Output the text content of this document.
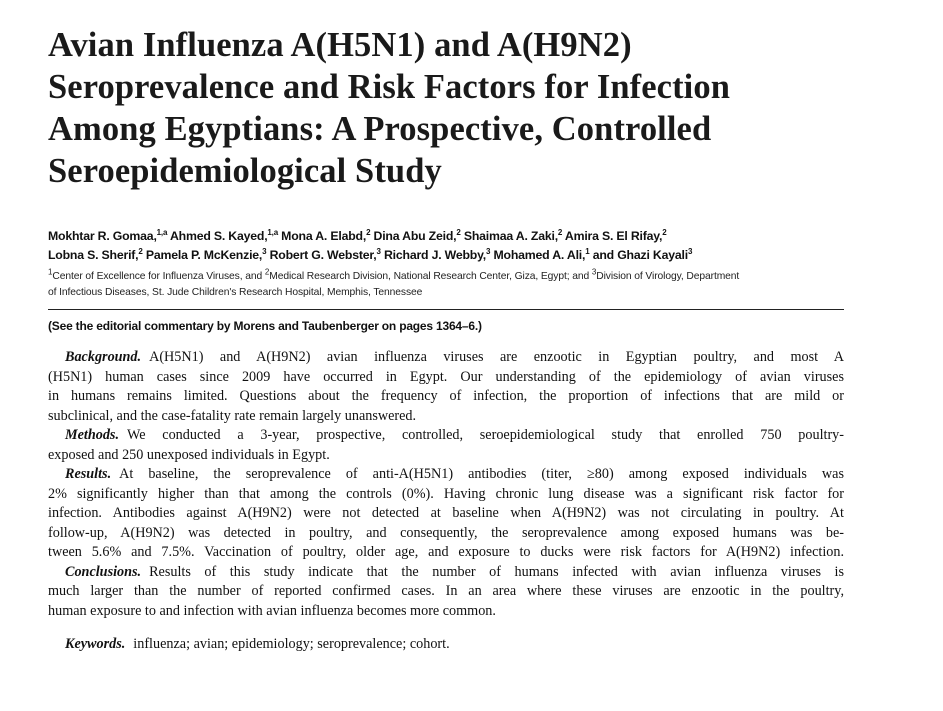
Avian Influenza A(H5N1) and A(H9N2)
Seroprevalence and Risk Factors for Infection
Among Egyptians: A Prospective, Controlled
Seroepidemiological Study
Mokhtar R. Gomaa,$^{1,a}$ Ahmed S. Kayed,$^{1,a}$ Mona A. Elabd,$^2$ Dina Abu Zeid,$^2$ Shaimaa A. Zaki,$^2$ Amira S. El Rifay,$^2$
Lobna S. Sherif,$^2$ Pamela P. McKenzie,$^3$ Robert G. Webster,$^3$ Richard J. Webby,$^3$ Mohamed A. Ali,$^1$ and Ghazi Kayali$^3$
$^1$Center of Excellence for Influenza Viruses, and $^2$Medical Research Division, National Research Center, Giza, Egypt; and $^3$Division of Virology, Department
of Infectious Diseases, St. Jude Children's Research Hospital, Memphis, Tennessee
(See the editorial commentary by Morens and Taubenberger on pages 1364–6.)
Background. A(H5N1) and A(H9N2) avian influenza viruses are enzootic in Egyptian poultry, and most A
(H5N1) human cases since 2009 have occurred in Egypt. Our understanding of the epidemiology of avian viruses
in humans remains limited. Questions about the frequency of infection, the proportion of infections that are mild or
subclinical, and the case-fatality rate remain largely unanswered.
Methods. We conducted a 3-year, prospective, controlled, seroepidemiological study that enrolled 750 poultry-
exposed and 250 unexposed individuals in Egypt.
Results. At baseline, the seroprevalence of anti-A(H5N1) antibodies (titer, ≥80) among exposed individuals was
2% significantly higher than that among the controls (0%). Having chronic lung disease was a significant risk factor for
infection. Antibodies against A(H9N2) were not detected at baseline when A(H9N2) was not circulating in poultry. At
follow-up, A(H9N2) was detected in poultry, and consequently, the seroprevalence among exposed humans was be-
tween 5.6% and 7.5%. Vaccination of poultry, older age, and exposure to ducks were risk factors for A(H9N2) infection.
Conclusions. Results of this study indicate that the number of humans infected with avian influenza viruses is
much larger than the number of reported confirmed cases. In an area where these viruses are enzootic in the poultry,
human exposure to and infection with avian influenza becomes more common.
Keywords. influenza; avian; epidemiology; seroprevalence; cohort.
